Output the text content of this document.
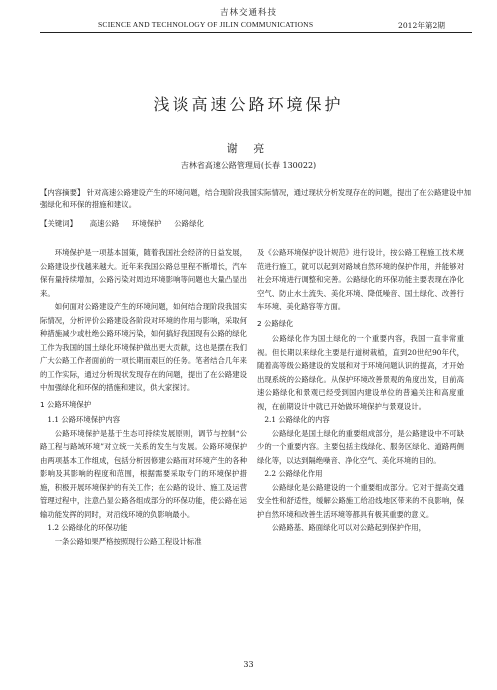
吉林交通科技
SCIENCE AND TECHNOLOGY OF JILIN COMMUNICATIONS	2012年第2期
浅谈高速公路环境保护
谢 亮
吉林省高速公路管理局(长春 130022)
【内容摘要】 针对高速公路建设产生的环境问题，结合现阶段我国实际情况，通过现状分析发现存在的问题，提出了在公路建设中加强绿化和环保的措施和建议。
【关键词】 高速公路 环境保护 公路绿化

环境保护是一项基本国策，随着我国社会经济的日益发展，公路建设步伐越来越大。近年来我国公路总里程不断增长，汽车保有量持续增加，公路污染对周边环境影响等问题也大量凸显出来。

如何面对公路建设产生的环境问题，如何结合现阶段我国实际情况，分析评价公路建设各阶段对环境的作用与影响，采取何种措施减少或杜绝公路环境污染，如何搞好我国现有公路的绿化工作为我国的国土绿化环境保护做出更大贡献，这也是摆在我们广大公路工作者面前的一项长期而艰巨的任务。笔者结合几年来的工作实际，通过分析现状发现存在的问题，提出了在公路建设中加强绿化和环保的措施和建议，供大家探讨。

1 公路环境保护

1.1 公路环境保护内容

公路环境保护是基于生态可持续发展原则，调节与控制“公路工程与路域环境”对立统一关系的发生与发展。公路环境保护由两项基本工作组成，包括分析因修建公路而对环境产生的各种影响及其影响的程度和范围，根据需要采取专门的环境保护措施，积极开展环境保护的有关工作；在公路的设计、施工及运营管理过程中，注意凸显公路各组成部分的环保功能，使公路在运输功能发挥的同时，对沿线环境的负影响最小。

1.2 公路绿化的环保功能

一条公路如果严格按照现行公路工程设计标准

及《公路环境保护设计规范》进行设计，按公路工程施工技术规范进行施工，就可以起到对路域自然环境的保护作用，并能够对社会环境进行调整和完善。公路绿化的环保功能主要表现在净化空气、防止水土流失、美化环境、降低噪音、国土绿化、改善行车环境、美化路容等方面。

2 公路绿化

公路绿化作为国土绿化的一个重要内容，我国一直非常重视。但长期以来绿化主要是行道树栽植，直到20世纪90年代，随着高等级公路建设的发展和对于环境问题认识的提高，才开始出现系统的公路绿化。从保护环境改善景观的角度出发，目前高速公路绿化和景观已经受到国内建设单位的普遍关注和高度重视，在前期设计中就已开始做环境保护与景观设计。

2.1 公路绿化的内容

公路绿化是国土绿化的重要组成部分，是公路建设中不可缺少的一个重要内容。主要包括主线绿化、服务区绿化、道路两侧绿化等，以达到隔绝噪音、净化空气、美化环境的目的。

2.2 公路绿化作用

公路绿化是公路建设的一个重要组成部分。它对于提高交通安全性和舒适性，缓解公路施工给沿线地区带来的不良影响，保护自然环境和改善生活环境等都具有极其重要的意义。

公路路基、路面绿化可以对公路起到保护作用，

33
